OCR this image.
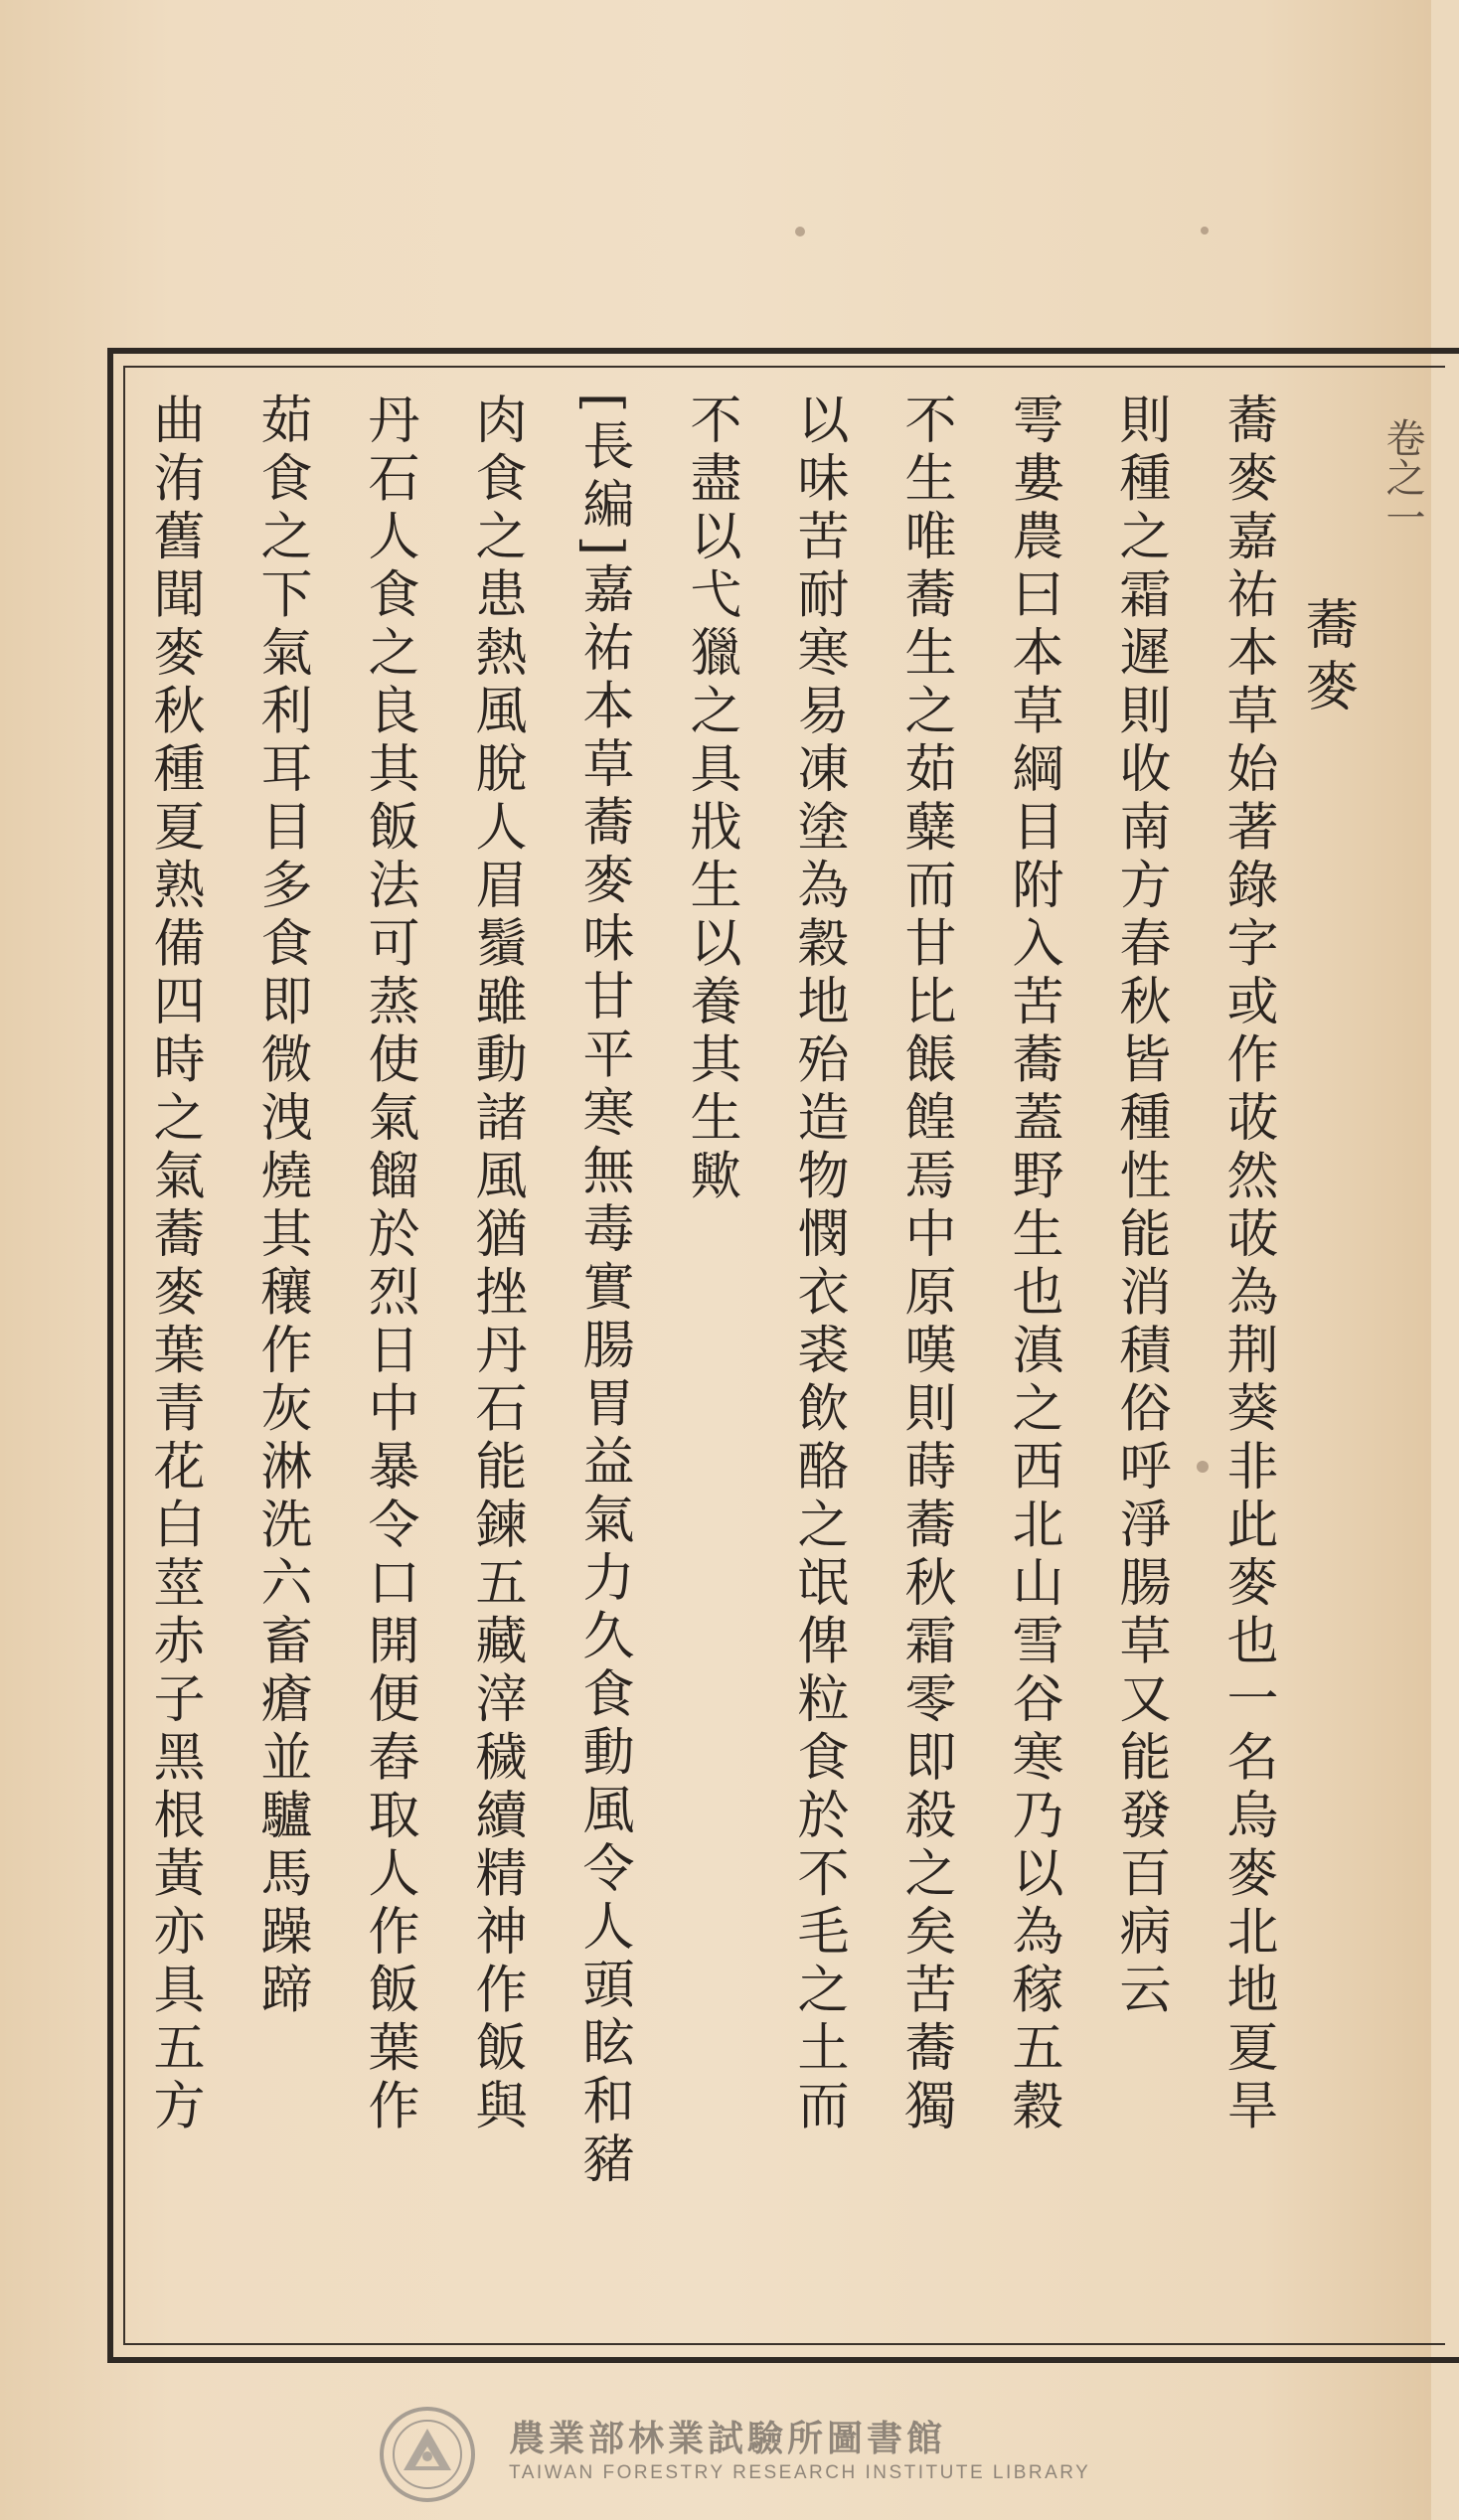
蕎麥
蕎麥嘉祐本草始著錄字或作荍然荍為荆葵非此麥也一名烏麥北地夏旱
則種之霜遲則收南方春秋皆種性能消積俗呼淨腸草又能發百病云
雩婁農曰本草綱目附入苦蕎蓋野生也滇之西北山雪谷寒乃以為稼五穀
不生唯蕎生之茹糵而甘比餦餭焉中原嘆則蒔蕎秋霜零即殺之矣苦蕎獨
以味苦耐寒易凍塗為穀地殆造物憫衣裘飲酪之氓俾粒食於不毛之土而
不盡以弋獵之具戕生以養其生歟
[長編]嘉祐本草蕎麥味甘平寒無毒實腸胃益氣力久食動風令人頭眩和豬
肉食之患熱風脫人眉鬚雖動諸風猶挫丹石能鍊五藏滓穢續精神作飯與
丹石人食之良其飯法可蒸使氣餾於烈日中暴令口開便舂取人作飯葉作
茹食之下氣利耳目多食即微洩燒其穰作灰淋洗六畜瘡並驢馬躁蹄
曲洧舊聞麥秋種夏熟備四時之氣蕎麥葉青花白莖赤子黑根黃亦具五方
農業部林業試驗所圖書館
TAIWAN FORESTRY RESEARCH INSTITUTE LIBRARY
